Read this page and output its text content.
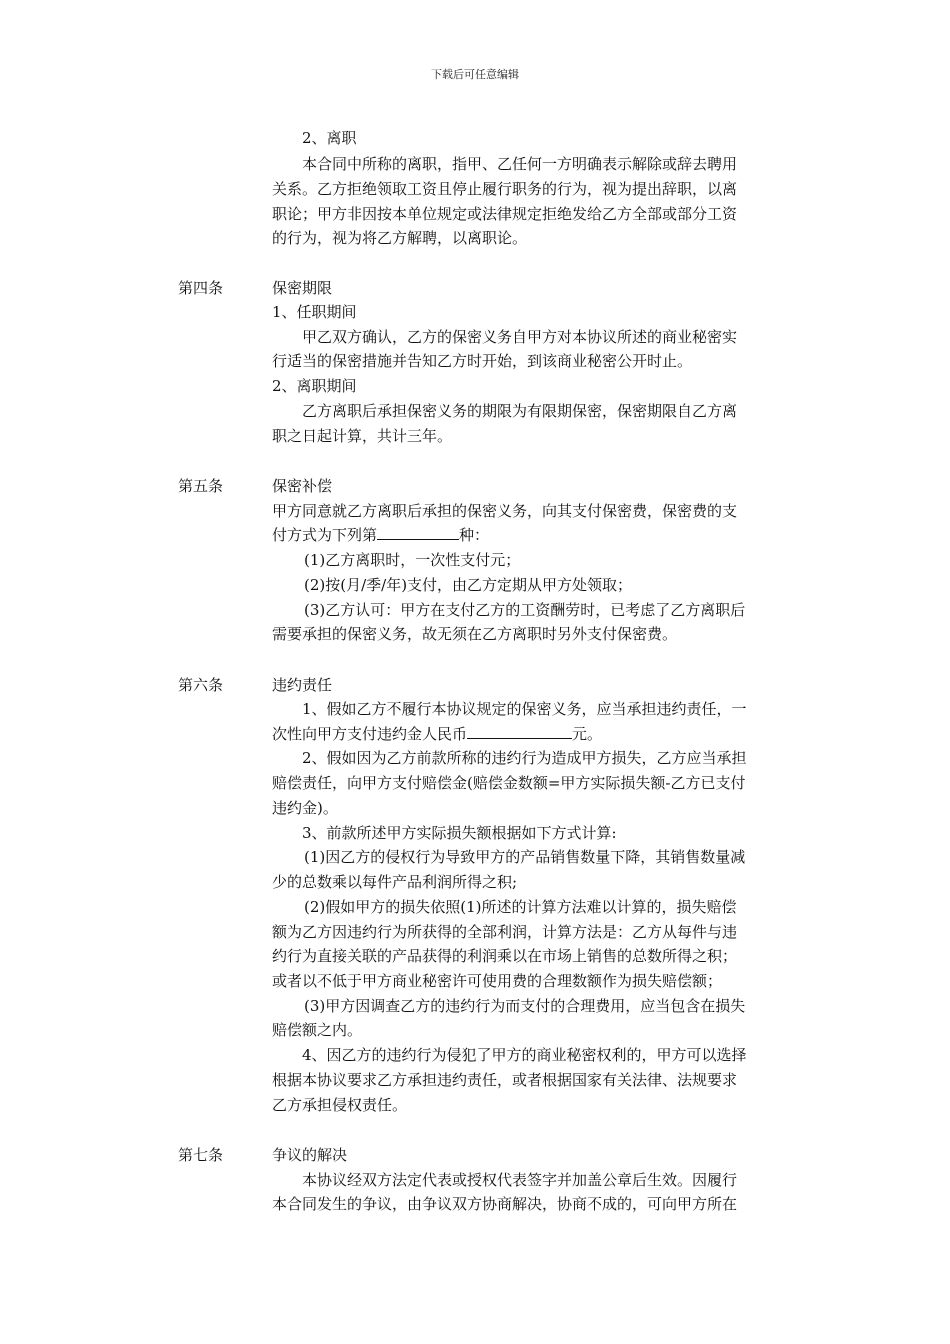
下载后可任意编辑
2、离职
本合同中所称的离职，指甲、乙任何一方明确表示解除或辞去聘用
关系。乙方拒绝领取工资且停止履行职务的行为，视为提出辞职，以离
职论；甲方非因按本单位规定或法律规定拒绝发给乙方全部或部分工资
的行为，视为将乙方解聘，以离职论。
第四条	保密期限
1、任职期间
甲乙双方确认，乙方的保密义务自甲方对本协议所述的商业秘密实
行适当的保密措施并告知乙方时开始，到该商业秘密公开时止。
2、离职期间
乙方离职后承担保密义务的期限为有限期保密，保密期限自乙方离
职之日起计算，共计三年。
第五条	保密补偿
甲方同意就乙方离职后承担的保密义务，向其支付保密费，保密费的支
付方式为下列第	种：
(1)乙方离职时，一次性支付元；
(2)按(月/季/年)支付，由乙方定期从甲方处领取；
(3)乙方认可：甲方在支付乙方的工资酬劳时，已考虑了乙方离职后
需要承担的保密义务，故无须在乙方离职时另外支付保密费。
第六条	违约责任
1、假如乙方不履行本协议规定的保密义务，应当承担违约责任，一
次性向甲方支付违约金人民币	元。
2、假如因为乙方前款所称的违约行为造成甲方损失，乙方应当承担
赔偿责任，向甲方支付赔偿金(赔偿金数额=甲方实际损失额-乙方已支付
违约金)。
3、前款所述甲方实际损失额根据如下方式计算:
(1)因乙方的侵权行为导致甲方的产品销售数量下降，其销售数量减
少的总数乘以每件产品利润所得之积;
(2)假如甲方的损失依照(1)所述的计算方法难以计算的，损失赔偿
额为乙方因违约行为所获得的全部利润，计算方法是：乙方从每件与违
约行为直接关联的产品获得的利润乘以在市场上销售的总数所得之积；
或者以不低于甲方商业秘密许可使用费的合理数额作为损失赔偿额；
(3)甲方因调查乙方的违约行为而支付的合理费用，应当包含在损失
赔偿额之内。
4、因乙方的违约行为侵犯了甲方的商业秘密权利的，甲方可以选择
根据本协议要求乙方承担违约责任，或者根据国家有关法律、法规要求
乙方承担侵权责任。
第七条	争议的解决
本协议经双方法定代表或授权代表签字并加盖公章后生效。因履行
本合同发生的争议，由争议双方协商解决，协商不成的，可向甲方所在
